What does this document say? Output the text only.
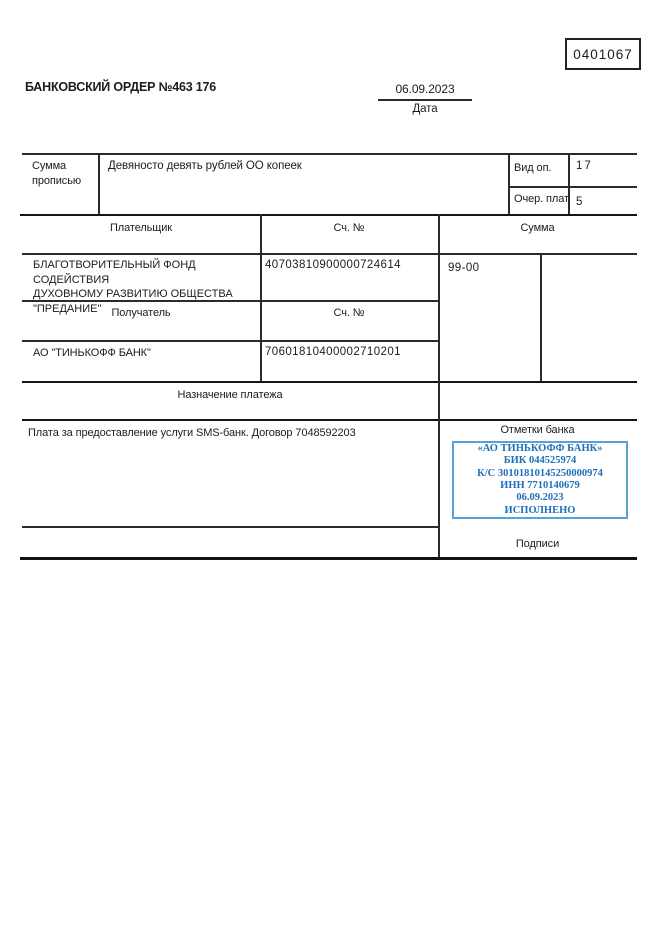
0401067
БАНКОВСКИЙ ОРДЕР №463 176	06.09.2023
Дата
Сумма прописью
Девяносто девять рублей ОО копеек	Вид оп. 17
Очер. плат. 5
Плательщик	Сч. №	Сумма
БЛАГОТВОРИТЕЛЬНЫЙ ФОНД СОДЕЙСТВИЯ
ДУХОВНОМУ РАЗВИТИЮ ОБЩЕСТВА
"ПРЕДАНИЕ"
40703810900000724614	99-00
Получатель	Сч. №
АО "ТИНЬКОФФ БАНК"	70601810400002710201
Назначение платежа
Плата за предоставление услуги SMS-банк. Договор 7048592203	Отметки банка
«АО ТИНЬКОФФ БАНК»
БИК 044525974
К/С 30101810145250000974
ИНН 7710140679
06.09.2023
ИСПОЛНЕНО
Подписи
